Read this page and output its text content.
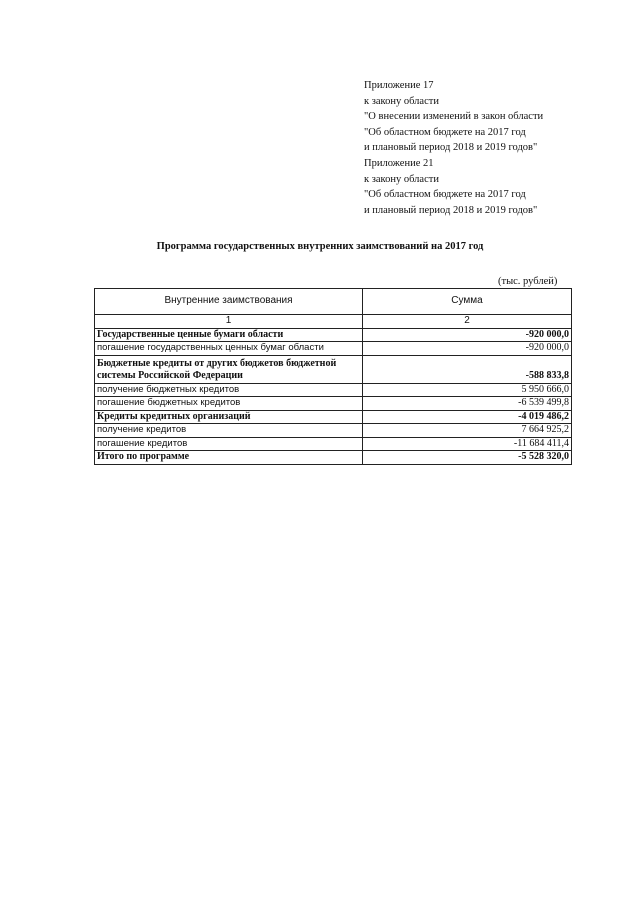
Приложение 17
к закону области
"О внесении изменений в закон области
"Об областном бюджете на 2017 год
и плановый период 2018 и 2019 годов"
Приложение 21
к закону области
"Об областном бюджете на 2017 год
и плановый период 2018 и 2019 годов"
Программа государственных внутренних заимствований на 2017 год
(тыс. рублей)
Внутренние заимствования	Сумма
1	2
Государственные ценные бумаги области	-920 000,0
погашение государственных ценных бумаг области	-920 000,0
Бюджетные кредиты от других бюджетов бюджетной системы Российской Федерации	-588 833,8
получение бюджетных кредитов	5 950 666,0
погашение бюджетных кредитов	-6 539 499,8
Кредиты кредитных организаций	-4 019 486,2
получение кредитов	7 664 925,2
погашение кредитов	-11 684 411,4
Итого по программе	-5 528 320,0
